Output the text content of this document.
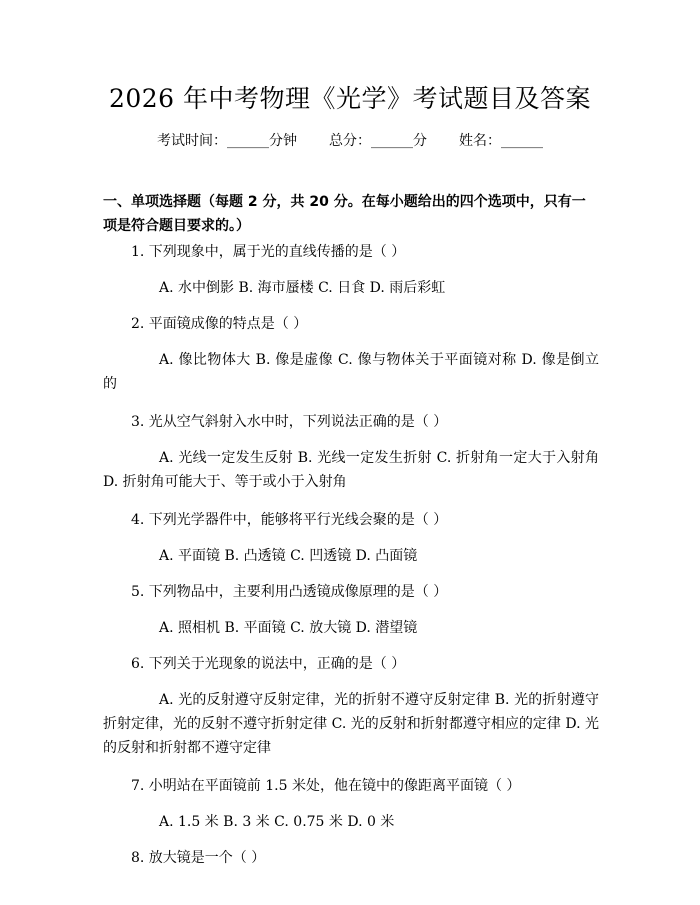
2026 年中考物理《光学》考试题目及答案
考试时间：______分钟 总分：______分 姓名：______
一、单项选择题（每题 2 分，共 20 分。在每小题给出的四个选项中，只有一项是符合题目要求的。）
1. 下列现象中，属于光的直线传播的是（ ）
A. 水中倒影 B. 海市蜃楼 C. 日食 D. 雨后彩虹
2. 平面镜成像的特点是（ ）
A. 像比物体大 B. 像是虚像 C. 像与物体关于平面镜对称 D. 像是倒立的
3. 光从空气斜射入水中时，下列说法正确的是（ ）
A. 光线一定发生反射 B. 光线一定发生折射 C. 折射角一定大于入射角 D. 折射角可能大于、等于或小于入射角
4. 下列光学器件中，能够将平行光线会聚的是（ ）
A. 平面镜 B. 凸透镜 C. 凹透镜 D. 凸面镜
5. 下列物品中，主要利用凸透镜成像原理的是（ ）
A. 照相机 B. 平面镜 C. 放大镜 D. 潜望镜
6. 下列关于光现象的说法中，正确的是（ ）
A. 光的反射遵守反射定律，光的折射不遵守反射定律 B. 光的折射遵守折射定律，光的反射不遵守折射定律 C. 光的反射和折射都遵守相应的定律 D. 光的反射和折射都不遵守定律
7. 小明站在平面镜前 1.5 米处，他在镜中的像距离平面镜（ ）
A. 1.5 米 B. 3 米 C. 0.75 米 D. 0 米
8. 放大镜是一个（ ）
